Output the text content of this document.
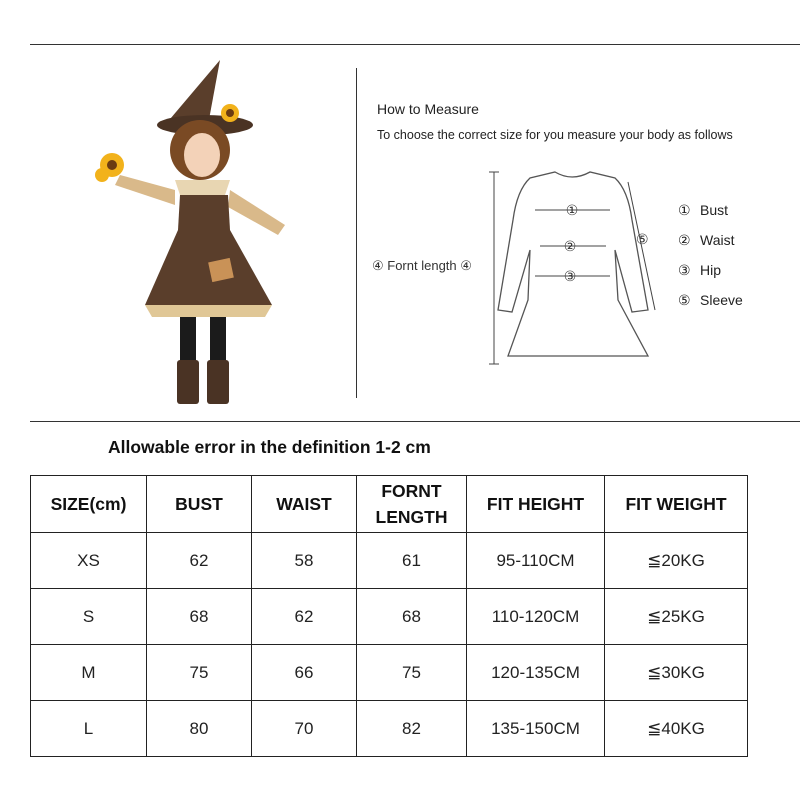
How to Measure
To choose the correct size for you measure your body as follows
①
②
③
④ Fornt length ④
⑤
① Bust
② Waist
③ Hip
⑤ Sleeve
Allowable error in the definition 1-2 cm
SIZE(cm)	BUST	WAIST	FORNT LENGTH	FIT HEIGHT	FIT WEIGHT
XS	62	58	61	95-110CM	≦20KG
S	68	62	68	110-120CM	≦25KG
M	75	66	75	120-135CM	≦30KG
L	80	70	82	135-150CM	≦40KG
